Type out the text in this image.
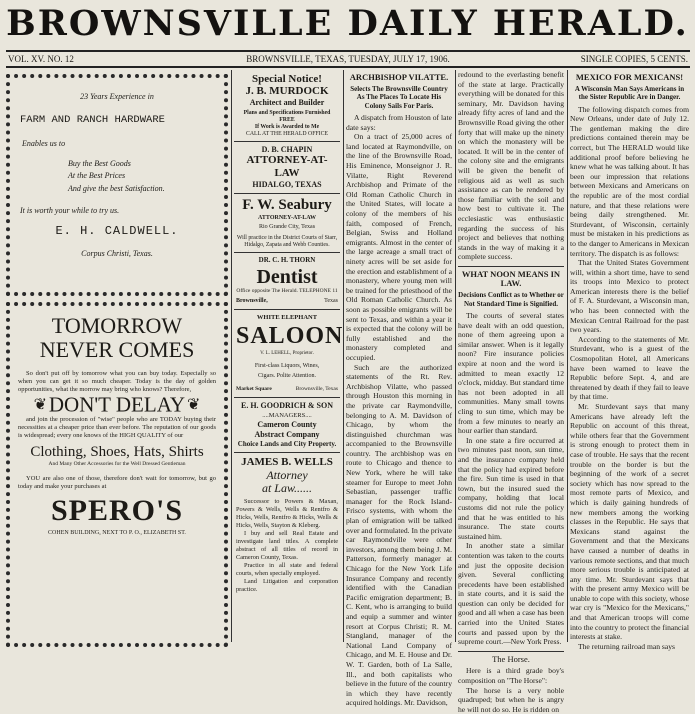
BROWNSVILLE DAILY HERALD.
VOL. XV. NO. 12	BROWNSVILLE, TEXAS, TUESDAY, JULY 17, 1906.	SINGLE COPIES, 5 CENTS.
23 Years Experience in
FARM AND RANCH HARDWARE
Enables us to
Buy the Best Goods
At the Best Prices
And give the best Satisfaction.
It is worth your while to try us.
E. H. CALDWELL.
Corpus Christi, Texas.
TOMORROW
NEVER COMES

So don't put off by tomorrow what you can buy today. Especially so when you can get it so much cheaper. Today is the day of golden opportunities, what the morrow may bring who knows? Therefore,

❦ DON'T DELAY ❦

and join the procession of "wise" people who are TODAY buying their necessities at a cheaper price than ever before. The reputation of our goods is widespread; every one knows of the HIGH QUALITY of our

Clothing, Shoes, Hats, Shirts
And Many Other Accessories for the Well Dressed Gentleman

YOU are also one of those, therefore don't wait for tomorrow, but go today and make your purchases at

SPERO'S
COHEN BUILDING, NEXT TO P. O., ELIZABETH ST.
Special Notice!
J. B. MURDOCK
Architect and Builder
Plans and Specifications Furnished FREE
If Work is Awarded to Me
CALL AT THE HERALD OFFICE
D. B. CHAPIN
ATTORNEY-AT-LAW
HIDALGO, TEXAS
F. W. Seabury
ATTORNEY-AT-LAW
Rio Grande City, Texas
Will practice in the District Courts of Starr, Hidalgo, Zapata and Webb Counties.
DR. C. H. THORN
Dentist
Office opposite The Herald. TELEPHONE 11
Brownsville,	Texas
WHITE ELEPHANT
SALOON
V. L. LEHELL, Proprietor.
First-class Liquors, Wines,
Cigars. Polite Attention.
Market Square	Brownsville, Texas
E. H. GOODRICH & SON
....MANAGERS....
Cameron County
Abstract Company
Choice Lands and City Property.
JAMES B. WELLS
Attorney
at Law......

Successor to Powers & Maxan, Powers & Wells, Wells & Rentfro & Hicks, Wells, Rentfro & Hicks, Wells & Hicks, Wells, Stayton & Kleberg.

I buy and sell Real Estate and investigate land titles. A complete abstract of all titles of record in Cameron County, Texas.

Practice in all state and federal courts, when specially employed.

Land Litigation and corporation practice.

ARCHBISHOP VILATTE.
Selects The Brownsville Country As The Places To Locate His Colony Sails For Paris.

A dispatch from Houston of late date says:

On a tract of 25,000 acres of land located at Raymondville, on the line of the Brownsville Road, His Eminence, Monseignor J. R. Vilatte, Right Reverend Archbishop and Primate of the Old Roman Catholic Church in the United States, will locate a colony of the members of his faith, composed of French, Belgian, Swiss and Holland emigrants. Almost in the center of the large acreage a small tract of ninety acres will be set aside for the erection and establishment of a monastery, where young men will be trained for the priesthood of the Old Roman Catholic Church. As soon as possible emigrants will be sent to Texas, and within a year it is expected that the colony will be fully established and the monastery completed and occupied.

Such are the authorized statements of the Rt. Rev. Archbishop Vilatte, who passed through Houston this morning in the private car Raymondville, belonging to A. M. Davidson of Chicago, by whom the distinguished churchman was accompanied to the Brownsville country. The archbishop was en route to Chicago and thence to New York, where he will take steamer for Europe to meet John Sebastian, passenger traffic manager for the Rock Island-Frisco systems, with whom the plan of emigration will be talked over and formulated. In the private car Raymondville were other investors, among them being J. M. Patterson, formerly manager at Chicago for the New York Life Insurance Company and recently identified with the Canadian Pacific emigration department; B. C. Kent, who is arranging to build and equip a summer and winter resort at Corpus Christi; R. M. Stangland, manager of the National Land Company of Chicago, and M. E. House and Dr. W. T. Garden, both of La Salle, Ill., and both capitalists who believe in the future of the country in which they have recently acquired holdings. Mr. Davidson,

redound to the everlasting benefit of the state at large. Practically everything will be donated for this seminary, Mr. Davidson having already fifty acres of land and the Brownsville Road giving the other forty that will make up the ninety on which the monastery will be located. It will be in the center of the colony site and the emigrants will be given the benefit of religious aid as well as such assistance as can be rendered by those familiar with the soil and how best to cultivate it. The ecclesiastic was enthusiastic regarding the success of his project and believes that nothing stands in the way of making it a complete success.

WHAT NOON MEANS IN LAW.
Decisions Conflict as to Whether or Not Standard Time is Signified.

The courts of several states have dealt with an odd question, none of them agreeing upon a similar answer. When is it legally noon? Fire insurance policies expire at noon and the word is admitted to mean exactly 12 o'clock, midday. But standard time has not been adopted in all communities. Many small towns cling to sun time, which may be from a few minutes to nearly an hour earlier than standard.

In one state a fire occurred at two minutes past noon, sun time, and the insurance company held that the policy had expired before the fire. Sun time is used in that town, but the insured sued the company, holding that local customs did not rule the policy and that he was entitled to his insurance. The state courts sustained him.

In another state a similar contention was taken to the courts and just the opposite decision given. Several conflicting precedents have been established in state courts, and it is said the question can only be decided for good and all when a case has been carried into the United States courts and passed upon by the supreme court.—New York Press.

The Horse.

Here is a third grade boy's composition on "The Horse":

The horse is a very noble quadruped; but when he is angry he will not do so. He is ridden on

MEXICO FOR MEXICANS!
A Wisconsin Man Says Americans in the Sister Republic Are in Danger.

The following dispatch comes from New Orleans, under date of July 12. The gentleman making the dire predictions contained therein may be correct, but The HERALD would like additional proof before believing he knew what he was talking about. It has been our impression that relations between Mexicans and Americans on the republic are of the most cordial nature, and that these relations were being daily strengthened. Mr. Sturdevant, of Wisconsin, certainly must be mistaken in his predictions as to the danger to Americans in Mexican territory. The dispatch is as follows:

That the United States Government will, within a short time, have to send its troops into Mexico to protect American interests there is the belief of F. A. Sturdevant, a Wisconsin man, who has been connected with the Mexican Central Railroad for the past two years.

According to the statements of Mr. Sturdevant, who is a guest of the Cosmopolitan Hotel, all Americans have been warned to leave the Republic before Sept. 4, and are threatened by death if they fail to leave by that time.

Mr. Sturdevant says that many Americans have already left the Republic on account of this threat, while others fear that the Government is strong enough to protect them in case of trouble. He says that the recent trouble on the border is but the beginning of the work of a secret society which has now spread to the most remote parts of Mexico, and which is daily gaining hundreds of new members among the working classes in the Republic. He says that Mexicans stand against the Government and that the Mexicans have caused a number of deaths in various remote sections, and that much more serious trouble is anticipated at any time. Mr. Sturdevant says that with the present army Mexico will be unable to cope with this society, whose war cry is "Mexico for the Mexicans," and that American troops will come into the country to protect the financial interests at stake.

The returning railroad man says
